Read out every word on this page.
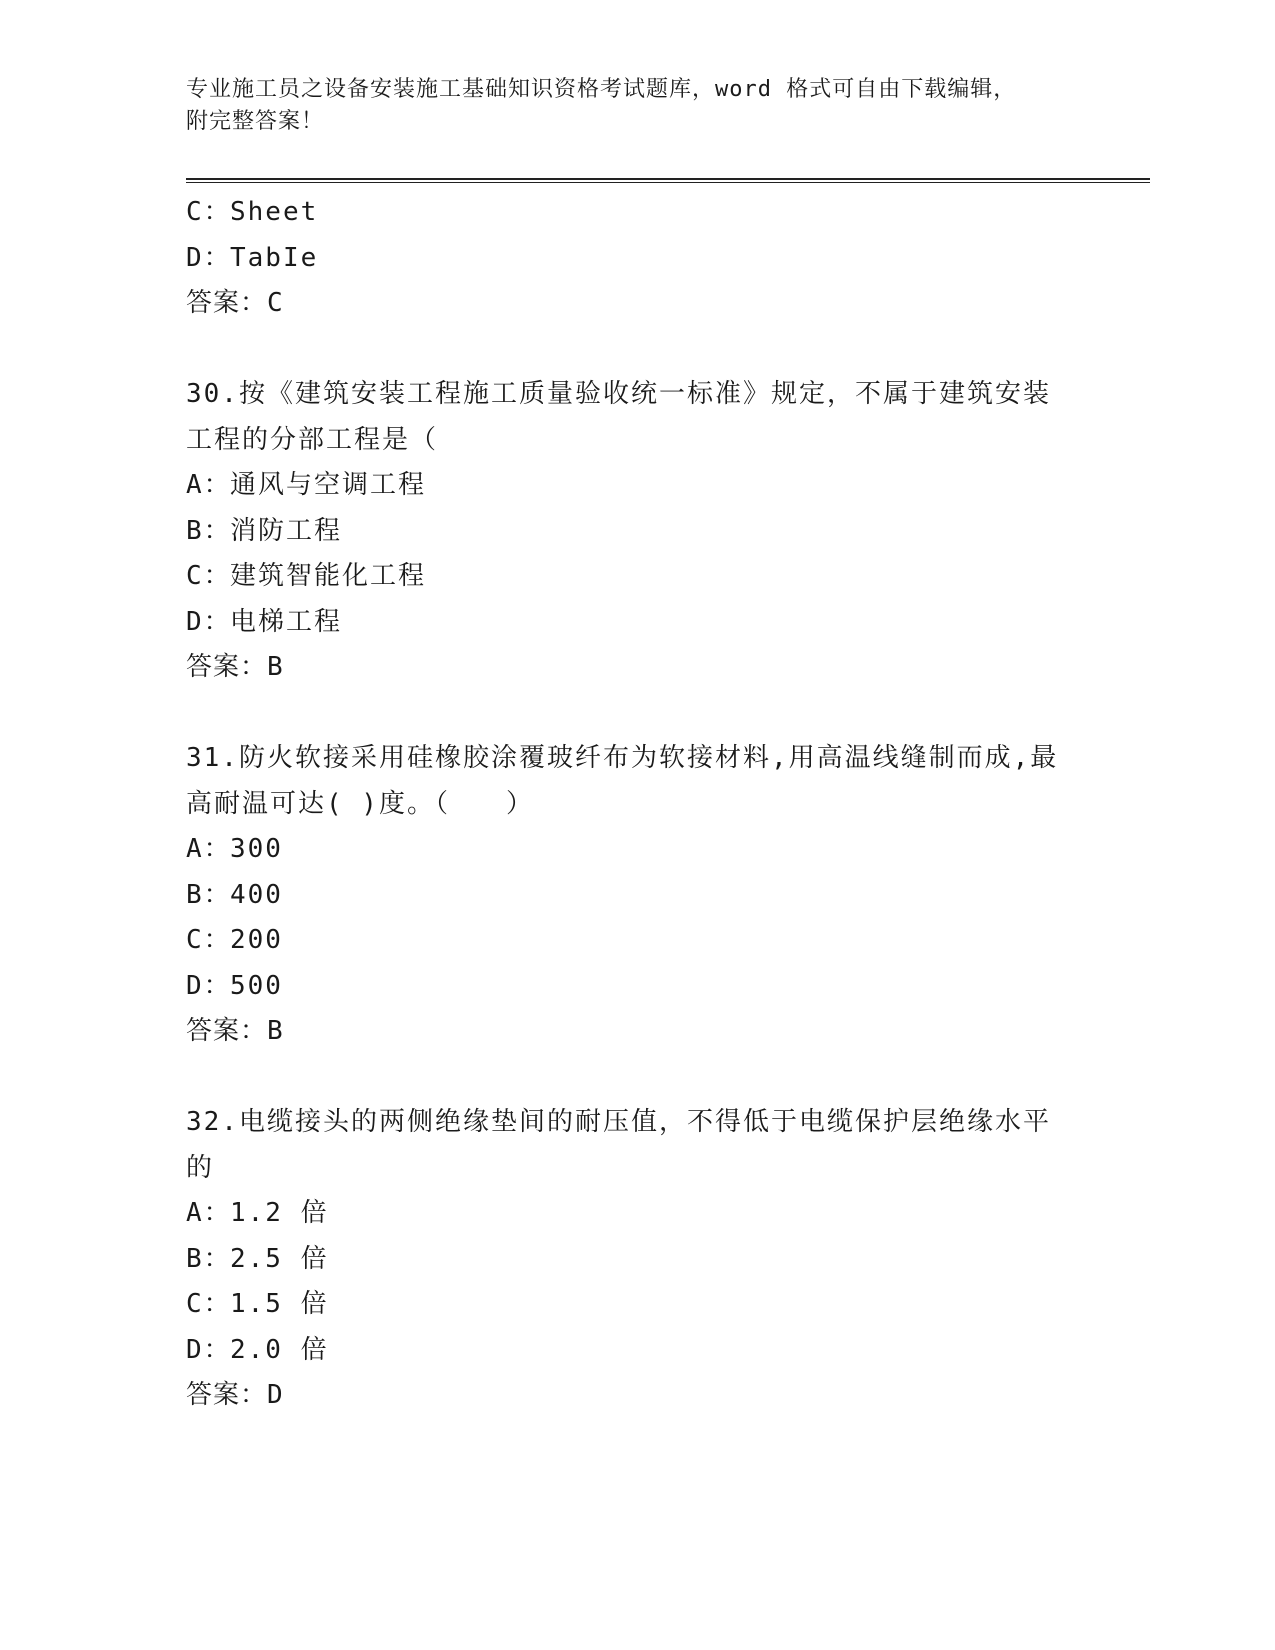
专业施工员之设备安装施工基础知识资格考试题库，word 格式可自由下载编辑，
附完整答案！
C：Sheet
D：TabIe
答案：C
30.按《建筑安装工程施工质量验收统一标准》规定，不属于建筑安装工程的分部工程是（
A：通风与空调工程
B：消防工程
C：建筑智能化工程
D：电梯工程
答案：B
31.防火软接采用硅橡胶涂覆玻纤布为软接材料,用高温线缝制而成,最高耐温可达( )度。（　　）
A：300
B：400
C：200
D：500
答案：B
32.电缆接头的两侧绝缘垫间的耐压值，不得低于电缆保护层绝缘水平的
A：1.2 倍
B：2.5 倍
C：1.5 倍
D：2.0 倍
答案：D
